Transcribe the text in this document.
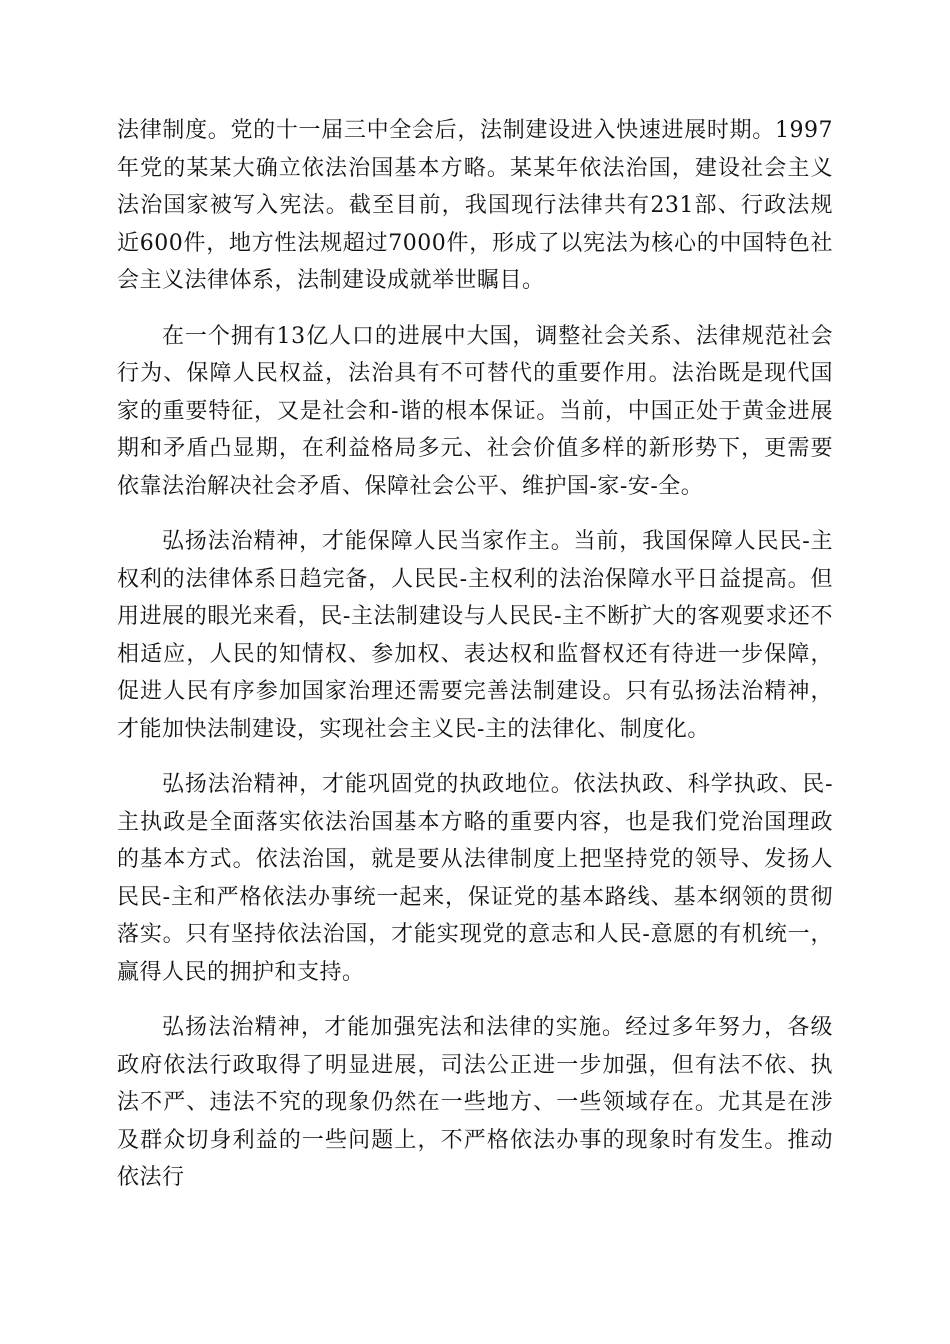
法律制度。党的十一届三中全会后，法制建设进入快速进展时期。1997年党的某某大确立依法治国基本方略。某某年依法治国，建设社会主义法治国家被写入宪法。截至目前，我国现行法律共有231部、行政法规近600件，地方性法规超过7000件，形成了以宪法为核心的中国特色社会主义法律体系，法制建设成就举世瞩目。

在一个拥有13亿人口的进展中大国，调整社会关系、法律规范社会行为、保障人民权益，法治具有不可替代的重要作用。法治既是现代国家的重要特征，又是社会和-谐的根本保证。当前，中国正处于黄金进展期和矛盾凸显期，在利益格局多元、社会价值多样的新形势下，更需要依靠法治解决社会矛盾、保障社会公平、维护国-家-安-全。

弘扬法治精神，才能保障人民当家作主。当前，我国保障人民民-主权利的法律体系日趋完备，人民民-主权利的法治保障水平日益提高。但用进展的眼光来看，民-主法制建设与人民民-主不断扩大的客观要求还不相适应，人民的知情权、参加权、表达权和监督权还有待进一步保障，促进人民有序参加国家治理还需要完善法制建设。只有弘扬法治精神，才能加快法制建设，实现社会主义民-主的法律化、制度化。

弘扬法治精神，才能巩固党的执政地位。依法执政、科学执政、民-主执政是全面落实依法治国基本方略的重要内容，也是我们党治国理政的基本方式。依法治国，就是要从法律制度上把坚持党的领导、发扬人民民-主和严格依法办事统一起来，保证党的基本路线、基本纲领的贯彻落实。只有坚持依法治国，才能实现党的意志和人民-意愿的有机统一，赢得人民的拥护和支持。

弘扬法治精神，才能加强宪法和法律的实施。经过多年努力，各级政府依法行政取得了明显进展，司法公正进一步加强，但有法不依、执法不严、违法不究的现象仍然在一些地方、一些领域存在。尤其是在涉及群众切身利益的一些问题上，不严格依法办事的现象时有发生。推动依法行
